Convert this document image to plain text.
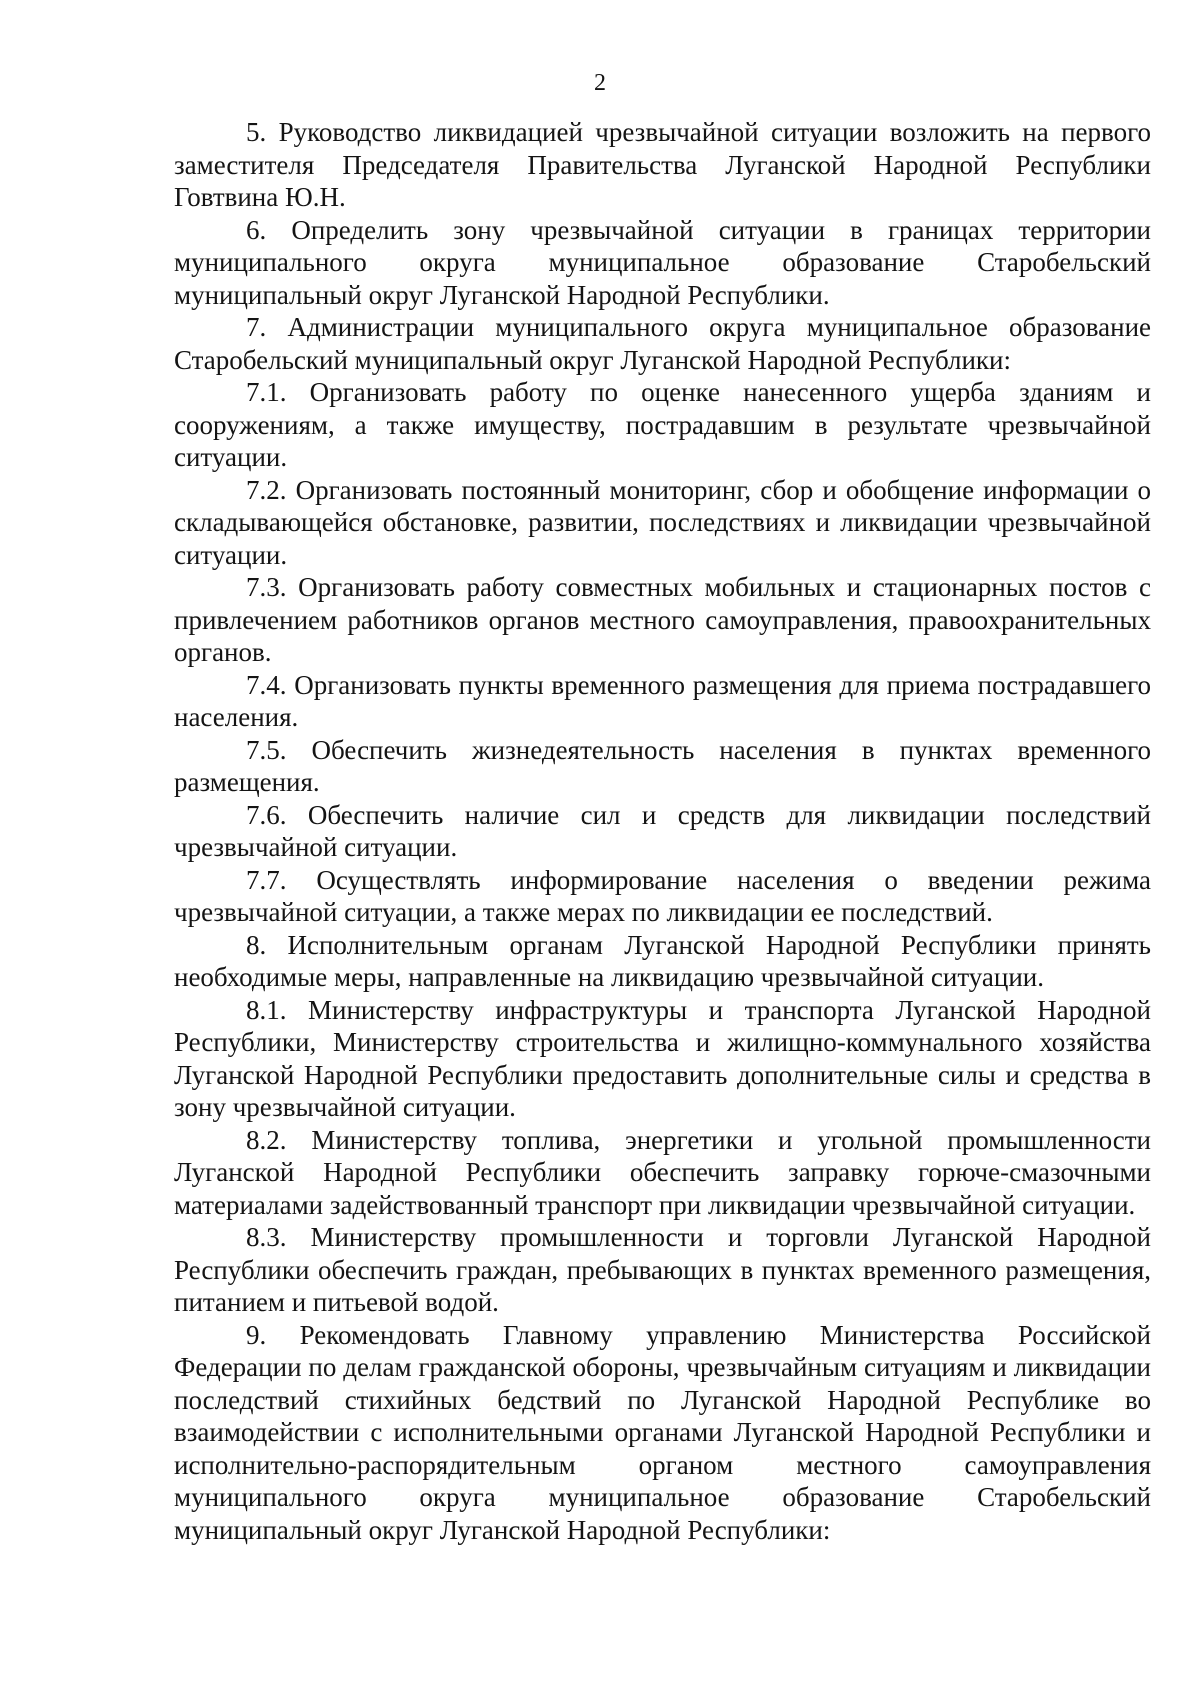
2

5. Руководство ликвидацией чрезвычайной ситуации возложить на первого заместителя Председателя Правительства Луганской Народной Республики Говтвина Ю.Н.

6. Определить зону чрезвычайной ситуации в границах территории муниципального округа муниципальное образование Старобельский муниципальный округ Луганской Народной Республики.

7. Администрации муниципального округа муниципальное образование Старобельский муниципальный округ Луганской Народной Республики:

7.1. Организовать работу по оценке нанесенного ущерба зданиям и сооружениям, а также имуществу, пострадавшим в результате чрезвычайной ситуации.

7.2. Организовать постоянный мониторинг, сбор и обобщение информации о складывающейся обстановке, развитии, последствиях и ликвидации чрезвычайной ситуации.

7.3. Организовать работу совместных мобильных и стационарных постов с привлечением работников органов местного самоуправления, правоохранительных органов.

7.4. Организовать пункты временного размещения для приема пострадавшего населения.

7.5. Обеспечить жизнедеятельность населения в пунктах временного размещения.

7.6. Обеспечить наличие сил и средств для ликвидации последствий чрезвычайной ситуации.

7.7. Осуществлять информирование населения о введении режима чрезвычайной ситуации, а также мерах по ликвидации ее последствий.

8. Исполнительным органам Луганской Народной Республики принять необходимые меры, направленные на ликвидацию чрезвычайной ситуации.

8.1. Министерству инфраструктуры и транспорта Луганской Народной Республики, Министерству строительства и жилищно-коммунального хозяйства Луганской Народной Республики предоставить дополнительные силы и средства в зону чрезвычайной ситуации.

8.2. Министерству топлива, энергетики и угольной промышленности Луганской Народной Республики обеспечить заправку горюче-смазочными материалами задействованный транспорт при ликвидации чрезвычайной ситуации.

8.3. Министерству промышленности и торговли Луганской Народной Республики обеспечить граждан, пребывающих в пунктах временного размещения, питанием и питьевой водой.

9. Рекомендовать Главному управлению Министерства Российской Федерации по делам гражданской обороны, чрезвычайным ситуациям и ликвидации последствий стихийных бедствий по Луганской Народной Республике во взаимодействии с исполнительными органами Луганской Народной Республики и исполнительно-распорядительным органом местного самоуправления муниципального округа муниципальное образование Старобельский муниципальный округ Луганской Народной Республики:
